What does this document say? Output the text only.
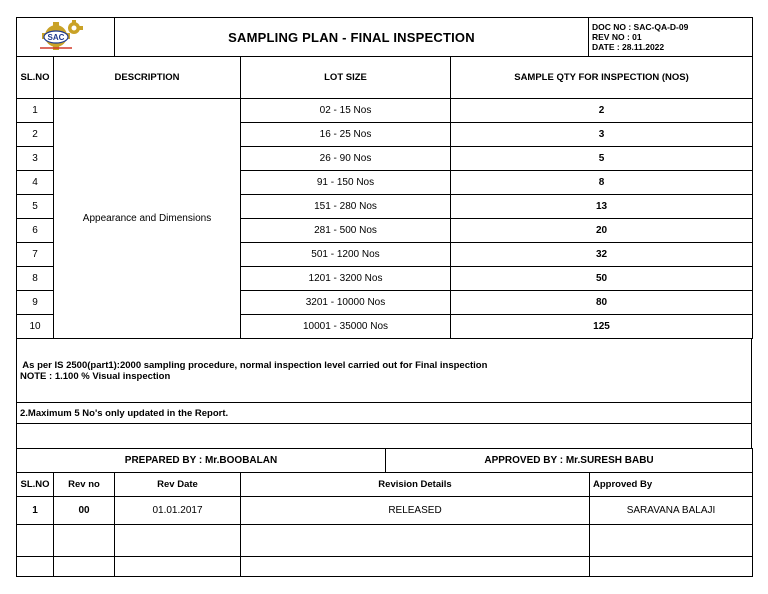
SAC	SAMPLING PLAN - FINAL INSPECTION	
DOC NO : SAC-QA-D-09
REV NO : 01
DATE : 28.11.2022
SL.NO	DESCRIPTION	LOT SIZE	SAMPLE QTY FOR INSPECTION (NOS)
1	Appearance and Dimensions	02 - 15 Nos	2
2		16 - 25 Nos	3
3		26 - 90 Nos	5
4		91 - 150 Nos	8
5		151 - 280 Nos	13
6		281 - 500 Nos	20
7		501 - 1200 Nos	32
8		1201 - 3200 Nos	50
9		3201 - 10000 Nos	80
10		10001 - 35000 Nos	125
As per IS 2500(part1):2000 sampling procedure, normal inspection level carried out for Final inspection
NOTE : 1.100 % Visual inspection

2.Maximum 5 No's only updated in the Report.

PREPARED BY : Mr.BOOBALAN	APPROVED BY : Mr.SURESH BABU
SL.NO	Rev no	Rev Date	Revision Details	Approved By
1	00	01.01.2017	RELEASED	SARAVANA BALAJI
